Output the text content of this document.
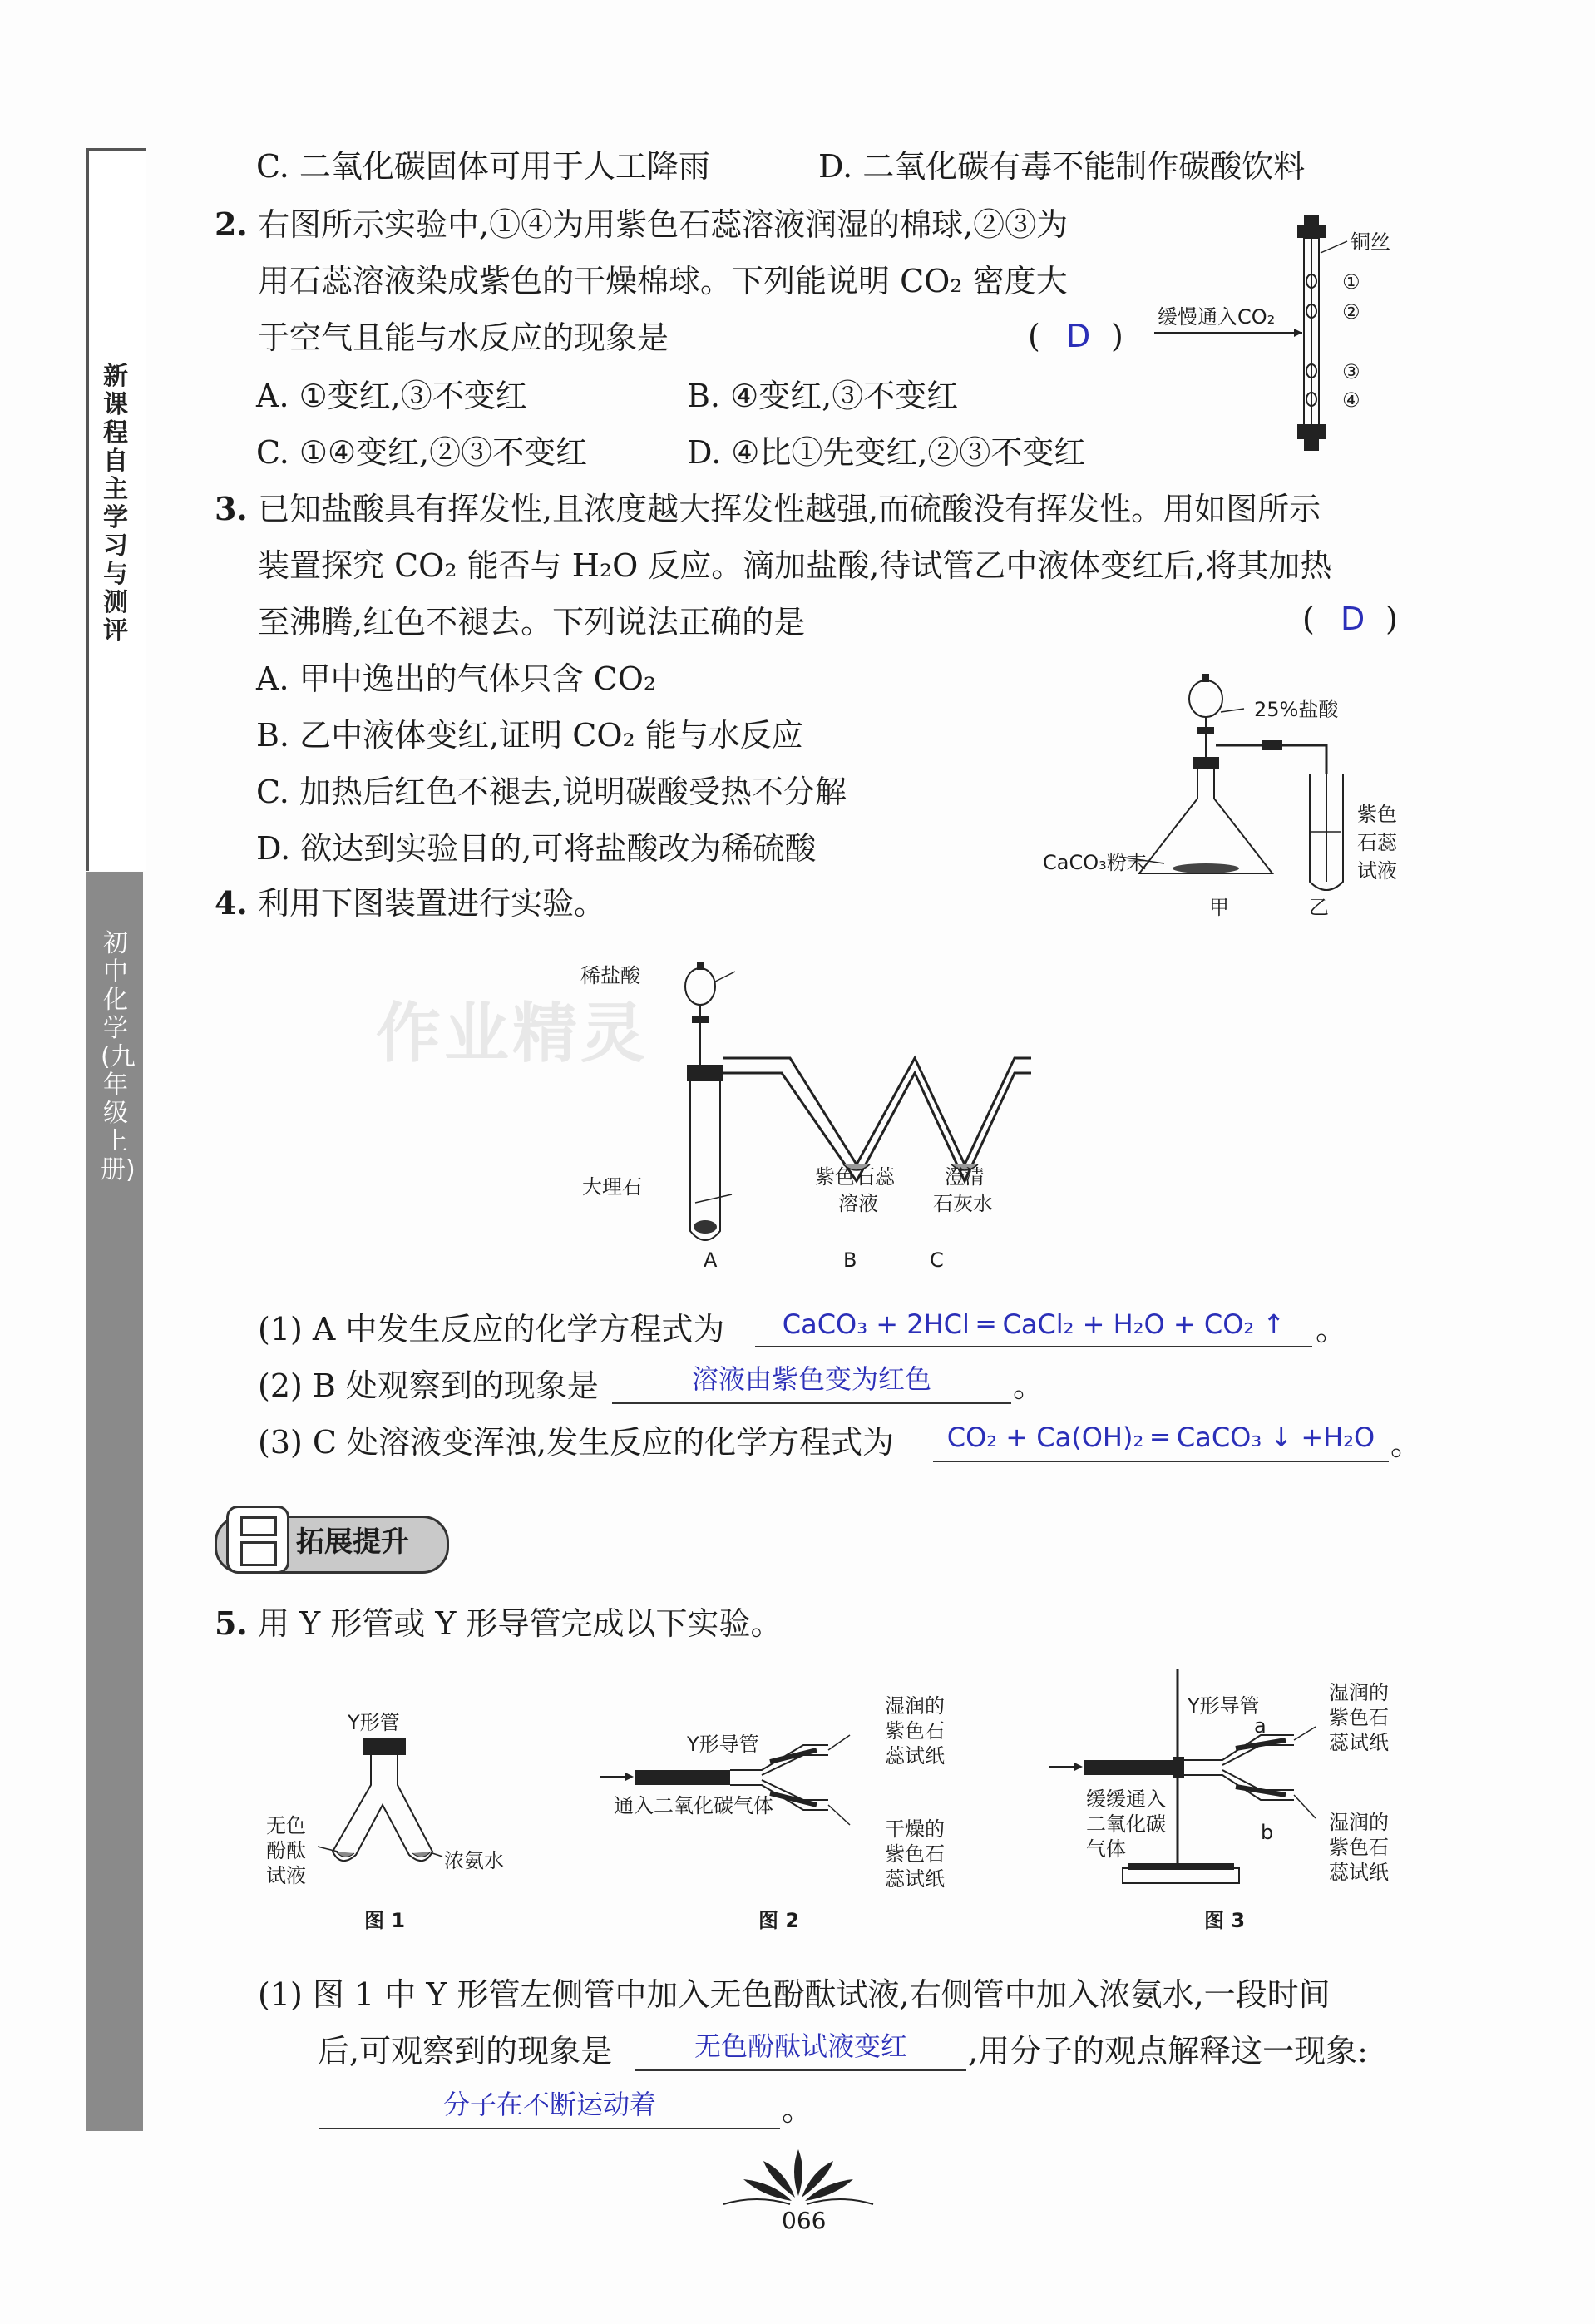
新课程自主学习与测评
初中化学(九年级上册)
作业精灵
C. 二氧化碳固体可用于人工降雨	D. 二氧化碳有毒不能制作碳酸饮料
2. 右图所示实验中,①④为用紫色石蕊溶液润湿的棉球,②③为
用石蕊溶液染成紫色的干燥棉球。下列能说明 CO₂ 密度大
于空气且能与水反应的现象是	( D )
A. ①变红,③不变红	B. ④变红,③不变红
C. ①④变红,②③不变红	D. ④比①先变红,②③不变红
铜丝
缓慢通入CO₂
①
②
③
④
3. 已知盐酸具有挥发性,且浓度越大挥发性越强,而硫酸没有挥发性。用如图所示
装置探究 CO₂ 能否与 H₂O 反应。滴加盐酸,待试管乙中液体变红后,将其加热
至沸腾,红色不褪去。下列说法正确的是	( D )
A. 甲中逸出的气体只含 CO₂
B. 乙中液体变红,证明 CO₂ 能与水反应
C. 加热后红色不褪去,说明碳酸受热不分解
D. 欲达到实验目的,可将盐酸改为稀硫酸
25%盐酸
CaCO₃粉末
紫色
石蕊
试液
甲	乙
4. 利用下图装置进行实验。
稀盐酸
大理石	紫色石蕊
溶液
澄清
石灰水
A	B	C
(1) A 中发生反应的化学方程式为	CaCO₃ + 2HCl ═ CaCl₂ + H₂O + CO₂ ↑ 。
(2) B 处观察到的现象是	溶液由紫色变为红色	。
(3) C 处溶液变浑浊,发生反应的化学方程式为	CO₂ + Ca(OH)₂ ═ CaCO₃ ↓ +H₂O 。
拓展提升
5. 用 Y 形管或 Y 形导管完成以下实验。
Y形管
无色
酚酞
试液
浓氨水
图 1
Y形导管
通入二氧化碳气体
湿润的
紫色石
蕊试纸
干燥的
紫色石
蕊试纸
图 2
Y形导管
a
b
缓缓通入
二氧化碳
气体
湿润的
紫色石
蕊试纸
湿润的
紫色石
蕊试纸
图 3
(1) 图 1 中 Y 形管左侧管中加入无色酚酞试液,右侧管中加入浓氨水,一段时间
后,可观察到的现象是	无色酚酞试液变红	,用分子的观点解释这一现象:
分子在不断运动着	。
066
